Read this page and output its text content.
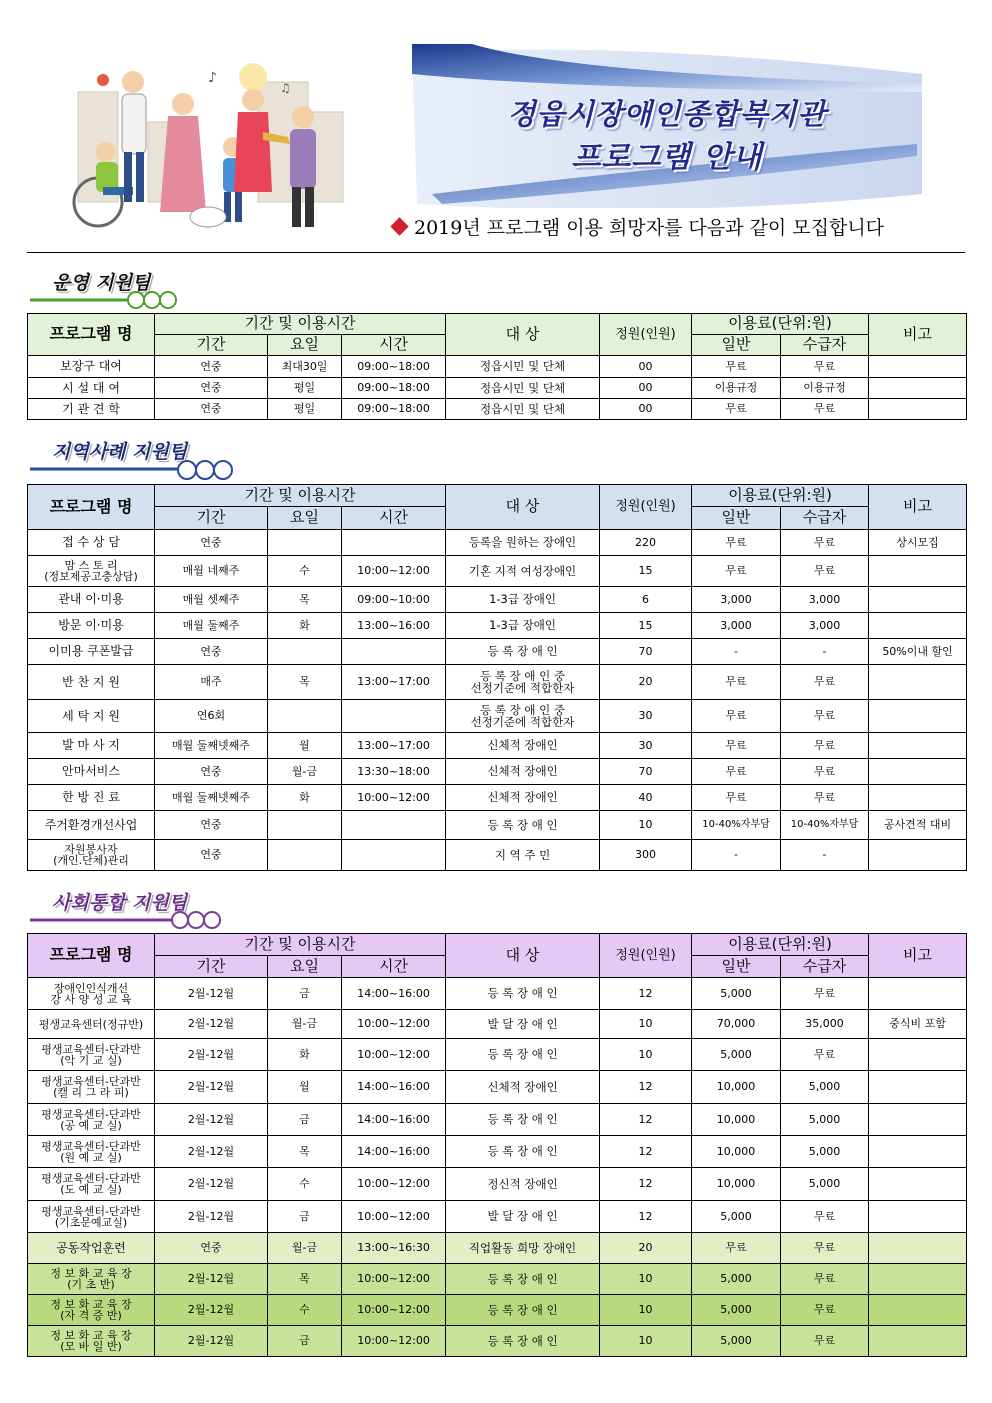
♪
♫
정읍시장애인종합복지관
프로그램 안내
2019년 프로그램 이용 희망자를 다음과 같이 모집합니다
운영 지원팀
프로그램 명	기간 및 이용시간			대 상	정원(인원)	이용료(단위:원)		비고
	기간	요일	시간			일반	수급자	
보장구 대여	연중	최대30일	09:00~18:00	정읍시민 및 단체	00	무료	무료	
시 설 대 여	연중	평일	09:00~18:00	정읍시민 및 단체	00	이용규정	이용규정	
기 관 견 학	연중	평일	09:00~18:00	정읍시민 및 단체	00	무료	무료	
지역사례 지원팀
프로그램 명	기간 및 이용시간			대 상	정원(인원)	이용료(단위:원)		비고
	기간	요일	시간			일반	수급자	
접 수 상 담	연중			등록을 원하는 장애인	220	무료	무료	상시모집
맘 스 토 리
(정보제공고충상담)	매월 네째주	수	10:00~12:00	기혼 지적 여성장애인	15	무료	무료	
관내 이·미용	매월 셋째주	목	09:00~10:00	1-3급 장애인	6	3,000	3,000	
방문 이·미용	매월 둘째주	화	13:00~16:00	1-3급 장애인	15	3,000	3,000	
이미용 쿠폰발급	연중			등 록 장 애 인	70	-	-	50%이내 할인
반 찬 지 원	매주	목	13:00~17:00	등 록 장 애 인 중
선정기준에 적합한자	20	무료	무료	
세 탁 지 원	연6회			등 록 장 애 인 중
선정기준에 적합한자	30	무료	무료	
발 마 사 지	매월 둘째넷째주	월	13:00~17:00	신체적 장애인	30	무료	무료	
안마서비스	연중	월-금	13:30~18:00	신체적 장애인	70	무료	무료	
한 방 진 료	매월 둘째넷째주	화	10:00~12:00	신체적 장애인	40	무료	무료	
주거환경개선사업	연중			등 록 장 애 인	10	10-40%자부담	10-40%자부담	공사견적 대비
자원봉사자
(개인.단체)관리	연중			지 역 주 민	300	-	-	
사회통합 지원팀
프로그램 명	기간 및 이용시간			대 상	정원(인원)	이용료(단위:원)		비고
	기간	요일	시간			일반	수급자	
장애인인식개선
강 사 양 성 교 육	2월-12월	금	14:00~16:00	등 록 장 애 인	12	5,000	무료	
평생교육센터(정규반)	2월-12월	월-금	10:00~12:00	발 달 장 애 인	10	70,000	35,000	중식비 포함
평생교육센터-단과반
(악 기 교 실)	2월-12월	화	10:00~12:00	등 록 장 애 인	10	5,000	무료	
평생교육센터-단과반
(캘 리 그 라 피)	2월-12월	월	14:00~16:00	신체적 장애인	12	10,000	5,000	
평생교육센터-단과반
(공 예 교 실)	2월-12월	금	14:00~16:00	등 록 장 애 인	12	10,000	5,000	
평생교육센터-단과반
(원 예 교 실)	2월-12월	목	14:00~16:00	등 록 장 애 인	12	10,000	5,000	
평생교육센터-단과반
(도 예 교 실)	2월-12월	수	10:00~12:00	정신적 장애인	12	10,000	5,000	
평생교육센터-단과반
(기초문예교실)	2월-12월	금	10:00~12:00	발 달 장 애 인	12	5,000	무료	
공동작업훈련	연중	월-금	13:00~16:30	직업활동 희망 장애인	20	무료	무료	
정 보 화 교 육 장
(기 초 반)	2월-12월	목	10:00~12:00	등 록 장 애 인	10	5,000	무료	
정 보 화 교 육 장
(자 격 증 반)	2월-12월	수	10:00~12:00	등 록 장 애 인	10	5,000	무료	
정 보 화 교 육 장
(모 바 일 반)	2월-12월	금	10:00~12:00	등 록 장 애 인	10	5,000	무료	
